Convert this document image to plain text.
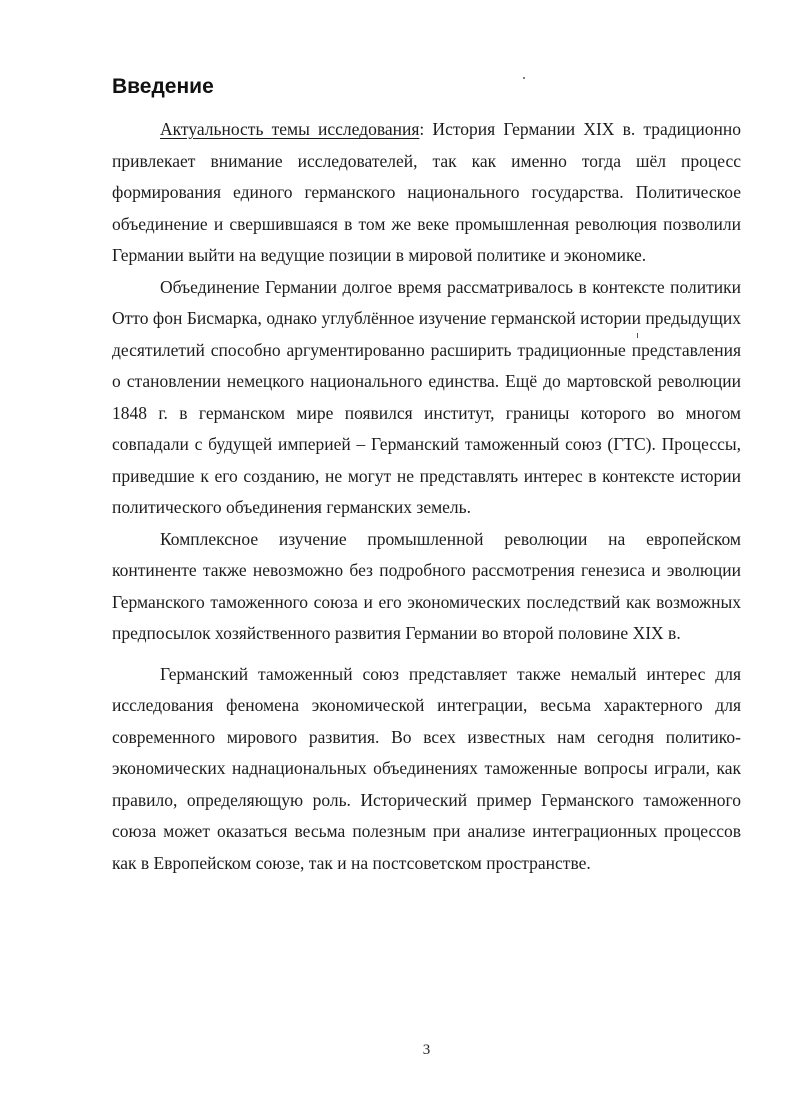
Введение

Актуальность темы исследования: История Германии XIX в. традиционно привлекает внимание исследователей, так как именно тогда шёл процесс формирования единого германского национального государства. Политическое объединение и свершившаяся в том же веке промышленная революция позволили Германии выйти на ведущие позиции в мировой политике и экономике.

Объединение Германии долгое время рассматривалось в контексте политики Отто фон Бисмарка, однако углублённое изучение германской истории предыдущих десятилетий способно аргументированно расширить традиционные представления о становлении немецкого национального единства. Ещё до мартовской революции 1848 г. в германском мире появился институт, границы которого во многом совпадали с будущей империей – Германский таможенный союз (ГТС). Процессы, приведшие к его созданию, не могут не представлять интерес в контексте истории политического объединения германских земель.

Комплексное изучение промышленной революции на европейском континенте также невозможно без подробного рассмотрения генезиса и эволюции Германского таможенного союза и его экономических последствий как возможных предпосылок хозяйственного развития Германии во второй половине XIX в.

Германский таможенный союз представляет также немалый интерес для исследования феномена экономической интеграции, весьма характерного для современного мирового развития. Во всех известных нам сегодня политико-экономических наднациональных объединениях таможенные вопросы играли, как правило, определяющую роль. Исторический пример Германского таможенного союза может оказаться весьма полезным при анализе интеграционных процессов как в Европейском союзе, так и на постсоветском пространстве.

3
